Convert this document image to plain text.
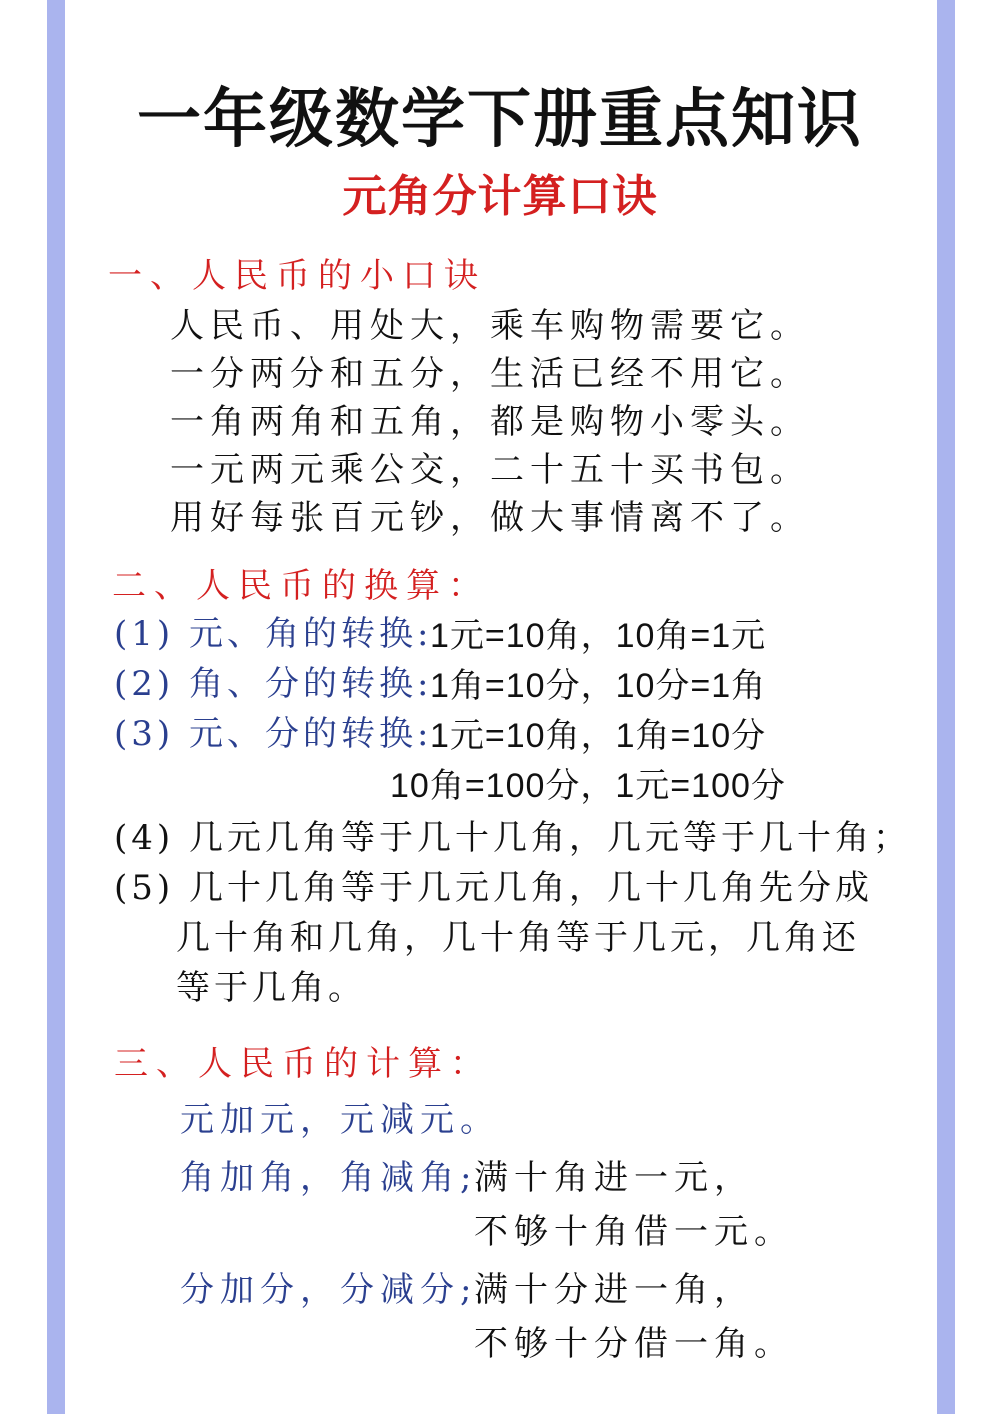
一年级数学下册重点知识
元角分计算口诀
一、人民币的小口诀
人民币、用处大，乘车购物需要它。
一分两分和五分，生活已经不用它。
一角两角和五角，都是购物小零头。
一元两元乘公交，二十五十买书包。
用好每张百元钞，做大事情离不了。
二、人民币的换算：
(1) 元、角的转换:
1元=10角，10角=1元
(2) 角、分的转换:
1角=10分，10分=1角
(3) 元、分的转换:
1元=10角，1角=10分
10角=100分，1元=100分
(4) 几元几角等于几十几角，几元等于几十角；
(5) 几十几角等于几元几角，几十几角先分成
几十角和几角，几十角等于几元，几角还
等于几角。
三、人民币的计算：
元加元，元减元。
角加角，角减角;
满十角进一元，
不够十角借一元。
分加分，分减分;
满十分进一角，
不够十分借一角。
